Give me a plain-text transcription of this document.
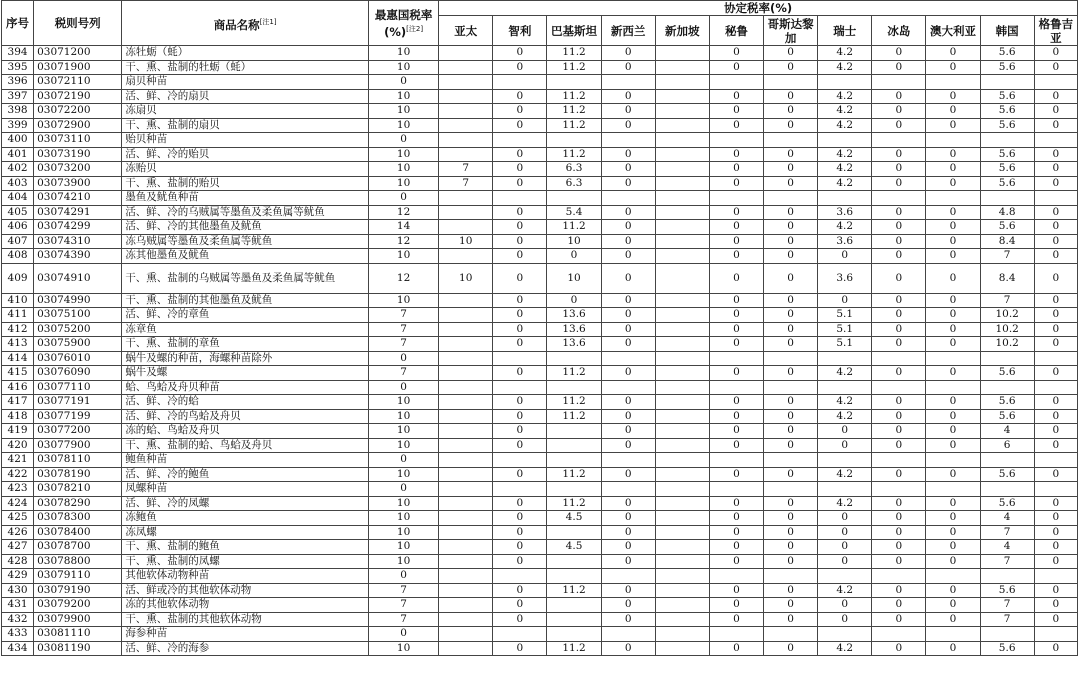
序号	税则号列	商品名称[注1]	最惠国税率(%)[注2]	协定税率(%)											
				亚太	智利	巴基斯坦	新西兰	新加坡	秘鲁	哥斯达黎加	瑞士	冰岛	澳大利亚	韩国	格鲁吉亚
394	03071200	冻牡蛎（蚝）	10		0	11.2	0		0	0	4.2	0	0	5.6	0
395	03071900	干、熏、盐制的牡蛎（蚝）	10		0	11.2	0		0	0	4.2	0	0	5.6	0
396	03072110	扇贝种苗	0												
397	03072190	活、鲜、冷的扇贝	10		0	11.2	0		0	0	4.2	0	0	5.6	0
398	03072200	冻扇贝	10		0	11.2	0		0	0	4.2	0	0	5.6	0
399	03072900	干、熏、盐制的扇贝	10		0	11.2	0		0	0	4.2	0	0	5.6	0
400	03073110	贻贝种苗	0												
401	03073190	活、鲜、冷的贻贝	10		0	11.2	0		0	0	4.2	0	0	5.6	0
402	03073200	冻贻贝	10	7	0	6.3	0		0	0	4.2	0	0	5.6	0
403	03073900	干、熏、盐制的贻贝	10	7	0	6.3	0		0	0	4.2	0	0	5.6	0
404	03074210	墨鱼及鱿鱼种苗	0												
405	03074291	活、鲜、冷的乌贼属等墨鱼及柔鱼属等鱿鱼	12		0	5.4	0		0	0	3.6	0	0	4.8	0
406	03074299	活、鲜、冷的其他墨鱼及鱿鱼	14		0	11.2	0		0	0	4.2	0	0	5.6	0
407	03074310	冻乌贼属等墨鱼及柔鱼属等鱿鱼	12	10	0	10	0		0	0	3.6	0	0	8.4	0
408	03074390	冻其他墨鱼及鱿鱼	10		0	0	0		0	0	0	0	0	7	0
409	03074910	干、熏、盐制的乌贼属等墨鱼及柔鱼属等鱿鱼	12	10	0	10	0		0	0	3.6	0	0	8.4	0
410	03074990	干、熏、盐制的其他墨鱼及鱿鱼	10		0	0	0		0	0	0	0	0	7	0
411	03075100	活、鲜、冷的章鱼	7		0	13.6	0		0	0	5.1	0	0	10.2	0
412	03075200	冻章鱼	7		0	13.6	0		0	0	5.1	0	0	10.2	0
413	03075900	干、熏、盐制的章鱼	7		0	13.6	0		0	0	5.1	0	0	10.2	0
414	03076010	蜗牛及螺的种苗，海螺种苗除外	0												
415	03076090	蜗牛及螺	7		0	11.2	0		0	0	4.2	0	0	5.6	0
416	03077110	蛤、鸟蛤及舟贝种苗	0												
417	03077191	活、鲜、冷的蛤	10		0	11.2	0		0	0	4.2	0	0	5.6	0
418	03077199	活、鲜、冷的鸟蛤及舟贝	10		0	11.2	0		0	0	4.2	0	0	5.6	0
419	03077200	冻的蛤、鸟蛤及舟贝	10		0		0		0	0	0	0	0	4	0
420	03077900	干、熏、盐制的蛤、鸟蛤及舟贝	10		0		0		0	0	0	0	0	6	0
421	03078110	鲍鱼种苗	0												
422	03078190	活、鲜、冷的鲍鱼	10		0	11.2	0		0	0	4.2	0	0	5.6	0
423	03078210	凤螺种苗	0												
424	03078290	活、鲜、冷的凤螺	10		0	11.2	0		0	0	4.2	0	0	5.6	0
425	03078300	冻鲍鱼	10		0	4.5	0		0	0	0	0	0	4	0
426	03078400	冻凤螺	10		0		0		0	0	0	0	0	7	0
427	03078700	干、熏、盐制的鲍鱼	10		0	4.5	0		0	0	0	0	0	4	0
428	03078800	干、熏、盐制的凤螺	10		0		0		0	0	0	0	0	7	0
429	03079110	其他软体动物种苗	0												
430	03079190	活、鲜或冷的其他软体动物	7		0	11.2	0		0	0	4.2	0	0	5.6	0
431	03079200	冻的其他软体动物	7		0		0		0	0	0	0	0	7	0
432	03079900	干、熏、盐制的其他软体动物	7		0		0		0	0	0	0	0	7	0
433	03081110	海参种苗	0												
434	03081190	活、鲜、冷的海参	10		0	11.2	0		0	0	4.2	0	0	5.6	0
